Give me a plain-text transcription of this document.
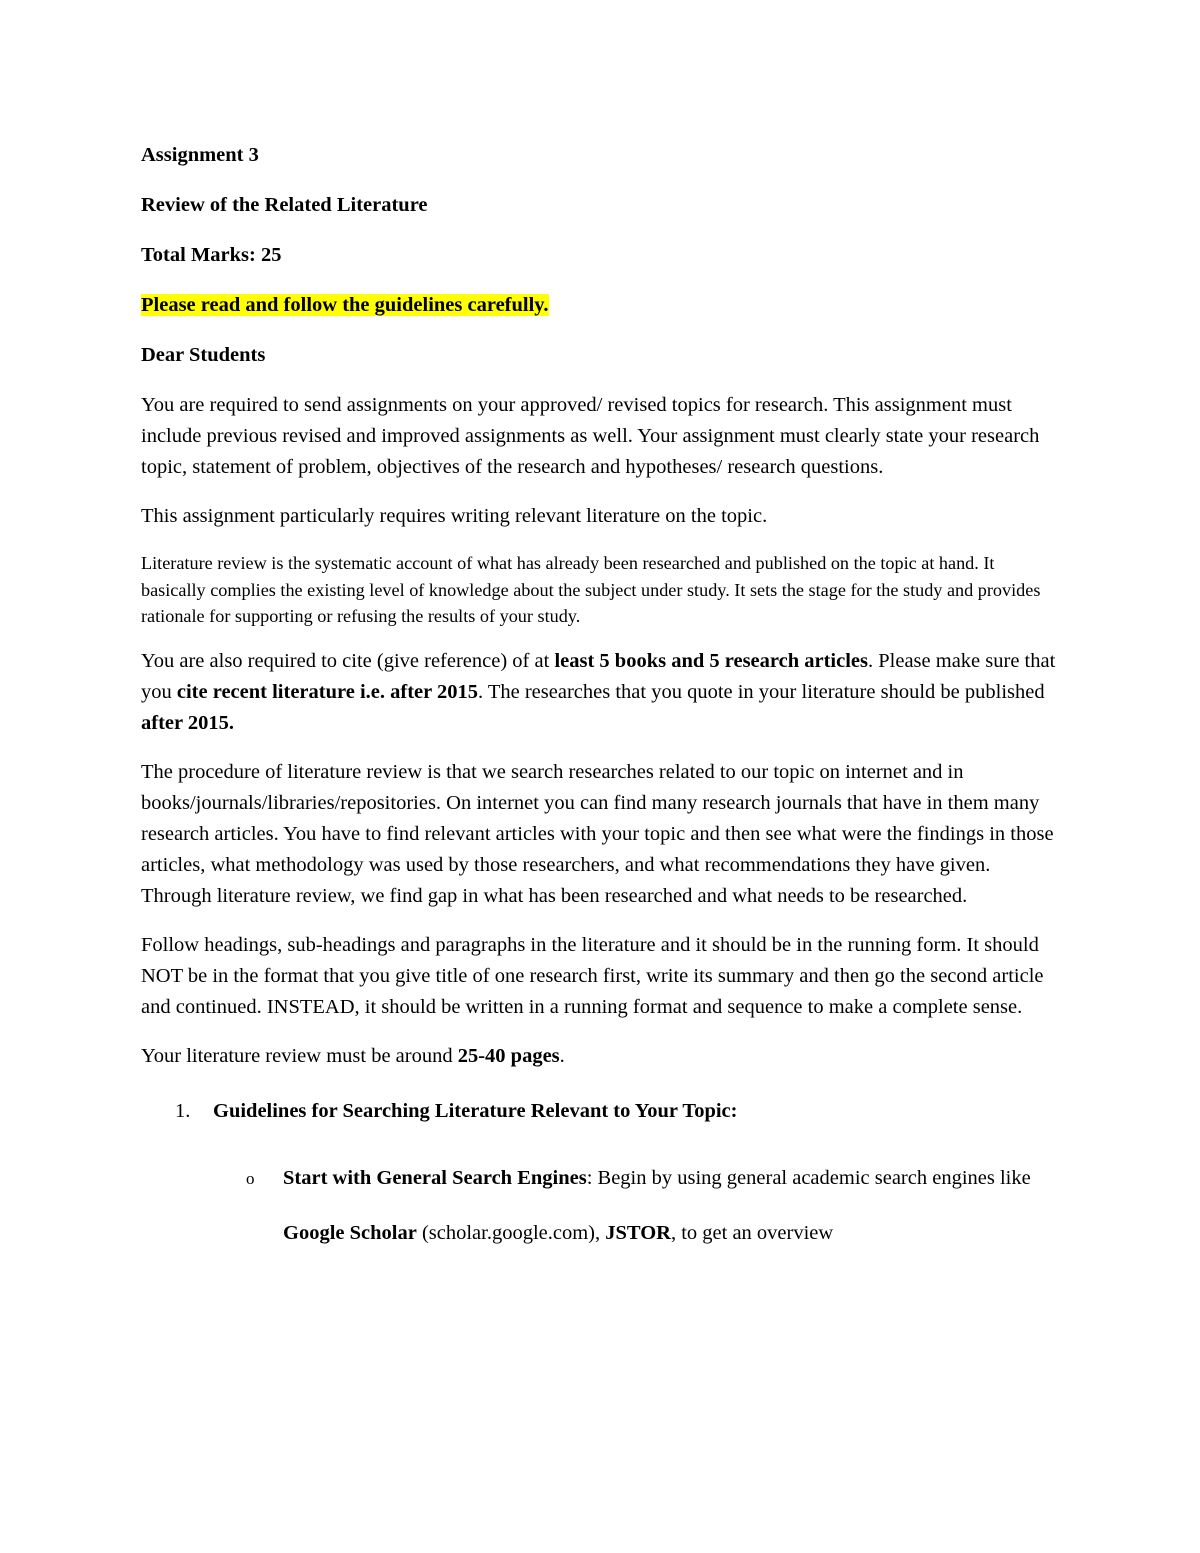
Assignment 3
Review of the Related Literature
Total Marks: 25
Please read and follow the guidelines carefully.
Dear Students

You are required to send assignments on your approved/ revised topics for research. This assignment must include previous revised and improved assignments as well. Your assignment must clearly state your research topic, statement of problem, objectives of the research and hypotheses/ research questions.

This assignment particularly requires writing relevant literature on the topic.

Literature review is the systematic account of what has already been researched and published on the topic at hand. It basically complies the existing level of knowledge about the subject under study. It sets the stage for the study and provides rationale for supporting or refusing the results of your study.

You are also required to cite (give reference) of at least 5 books and 5 research articles. Please make sure that you cite recent literature i.e. after 2015. The researches that you quote in your literature should be published after 2015.

The procedure of literature review is that we search researches related to our topic on internet and in books/journals/libraries/repositories. On internet you can find many research journals that have in them many research articles. You have to find relevant articles with your topic and then see what were the findings in those articles, what methodology was used by those researchers, and what recommendations they have given. Through literature review, we find gap in what has been researched and what needs to be researched.

Follow headings, sub-headings and paragraphs in the literature and it should be in the running form. It should NOT be in the format that you give title of one research first, write its summary and then go the second article and continued. INSTEAD, it should be written in a running format and sequence to make a complete sense.

Your literature review must be around 25-40 pages.

1. Guidelines for Searching Literature Relevant to Your Topic:
o Start with General Search Engines: Begin by using general academic search engines like Google Scholar (scholar.google.com), JSTOR, to get an overview
